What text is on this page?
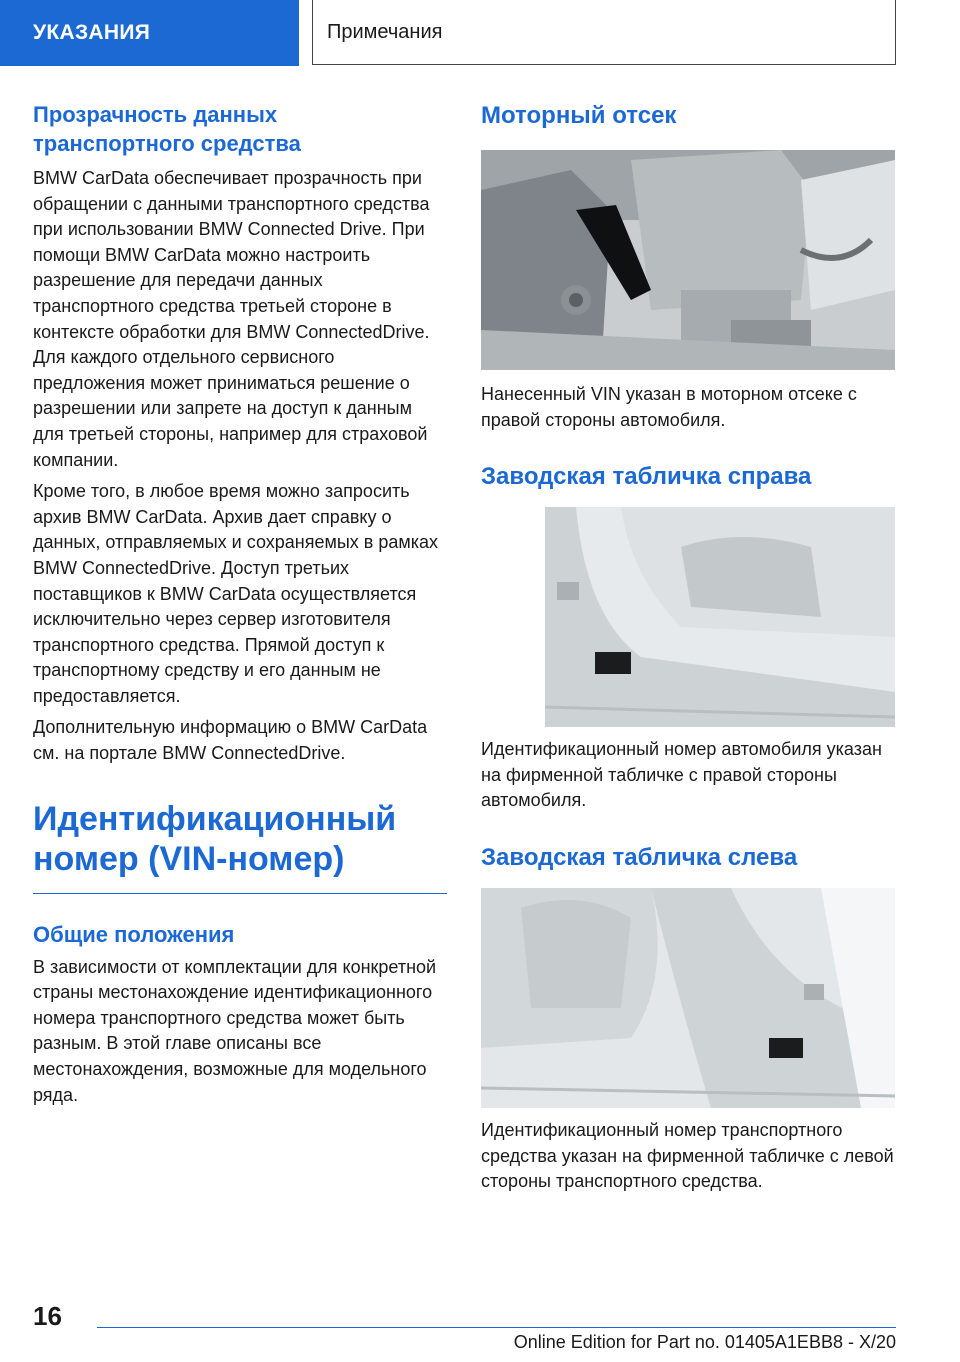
УКАЗАНИЯ	Примечания
Прозрачность данных транспортного средства

BMW CarData обеспечивает прозрачность при обращении с данными транспортного средства при использовании BMW Connected Drive. При помощи BMW CarData можно настроить разрешение для передачи данных транспортного средства третьей стороне в контексте обработки для BMW ConnectedDrive. Для каждого отдельного сервисного предложения может приниматься решение о разрешении или запрете на доступ к данным для третьей стороны, например для страховой компании.

Кроме того, в любое время можно запросить архив BMW CarData. Архив дает справку о данных, отправляемых и сохраняемых в рамках BMW ConnectedDrive. Доступ третьих поставщиков к BMW CarData осуществляется исключительно через сервер изготовителя транспортного средства. Прямой доступ к транспортному средству и его данным не предоставляется.

Дополнительную информацию о BMW CarData см. на портале BMW ConnectedDrive.

Идентификационный номер (VIN-номер)
Общие положения

В зависимости от комплектации для конкретной страны местонахождение идентификационного номера транспортного средства может быть разным. В этой главе описаны все местонахождения, возможные для модельного ряда.

Моторный отсек

Нанесенный VIN указан в моторном отсеке с правой стороны автомобиля.

Заводская табличка справа

Идентификационный номер автомобиля указан на фирменной табличке с правой стороны автомобиля.

Заводская табличка слева

Идентификационный номер транспортного средства указан на фирменной табличке с левой стороны транспортного средства.

16
Online Edition for Part no. 01405A1EBB8 - X/20
